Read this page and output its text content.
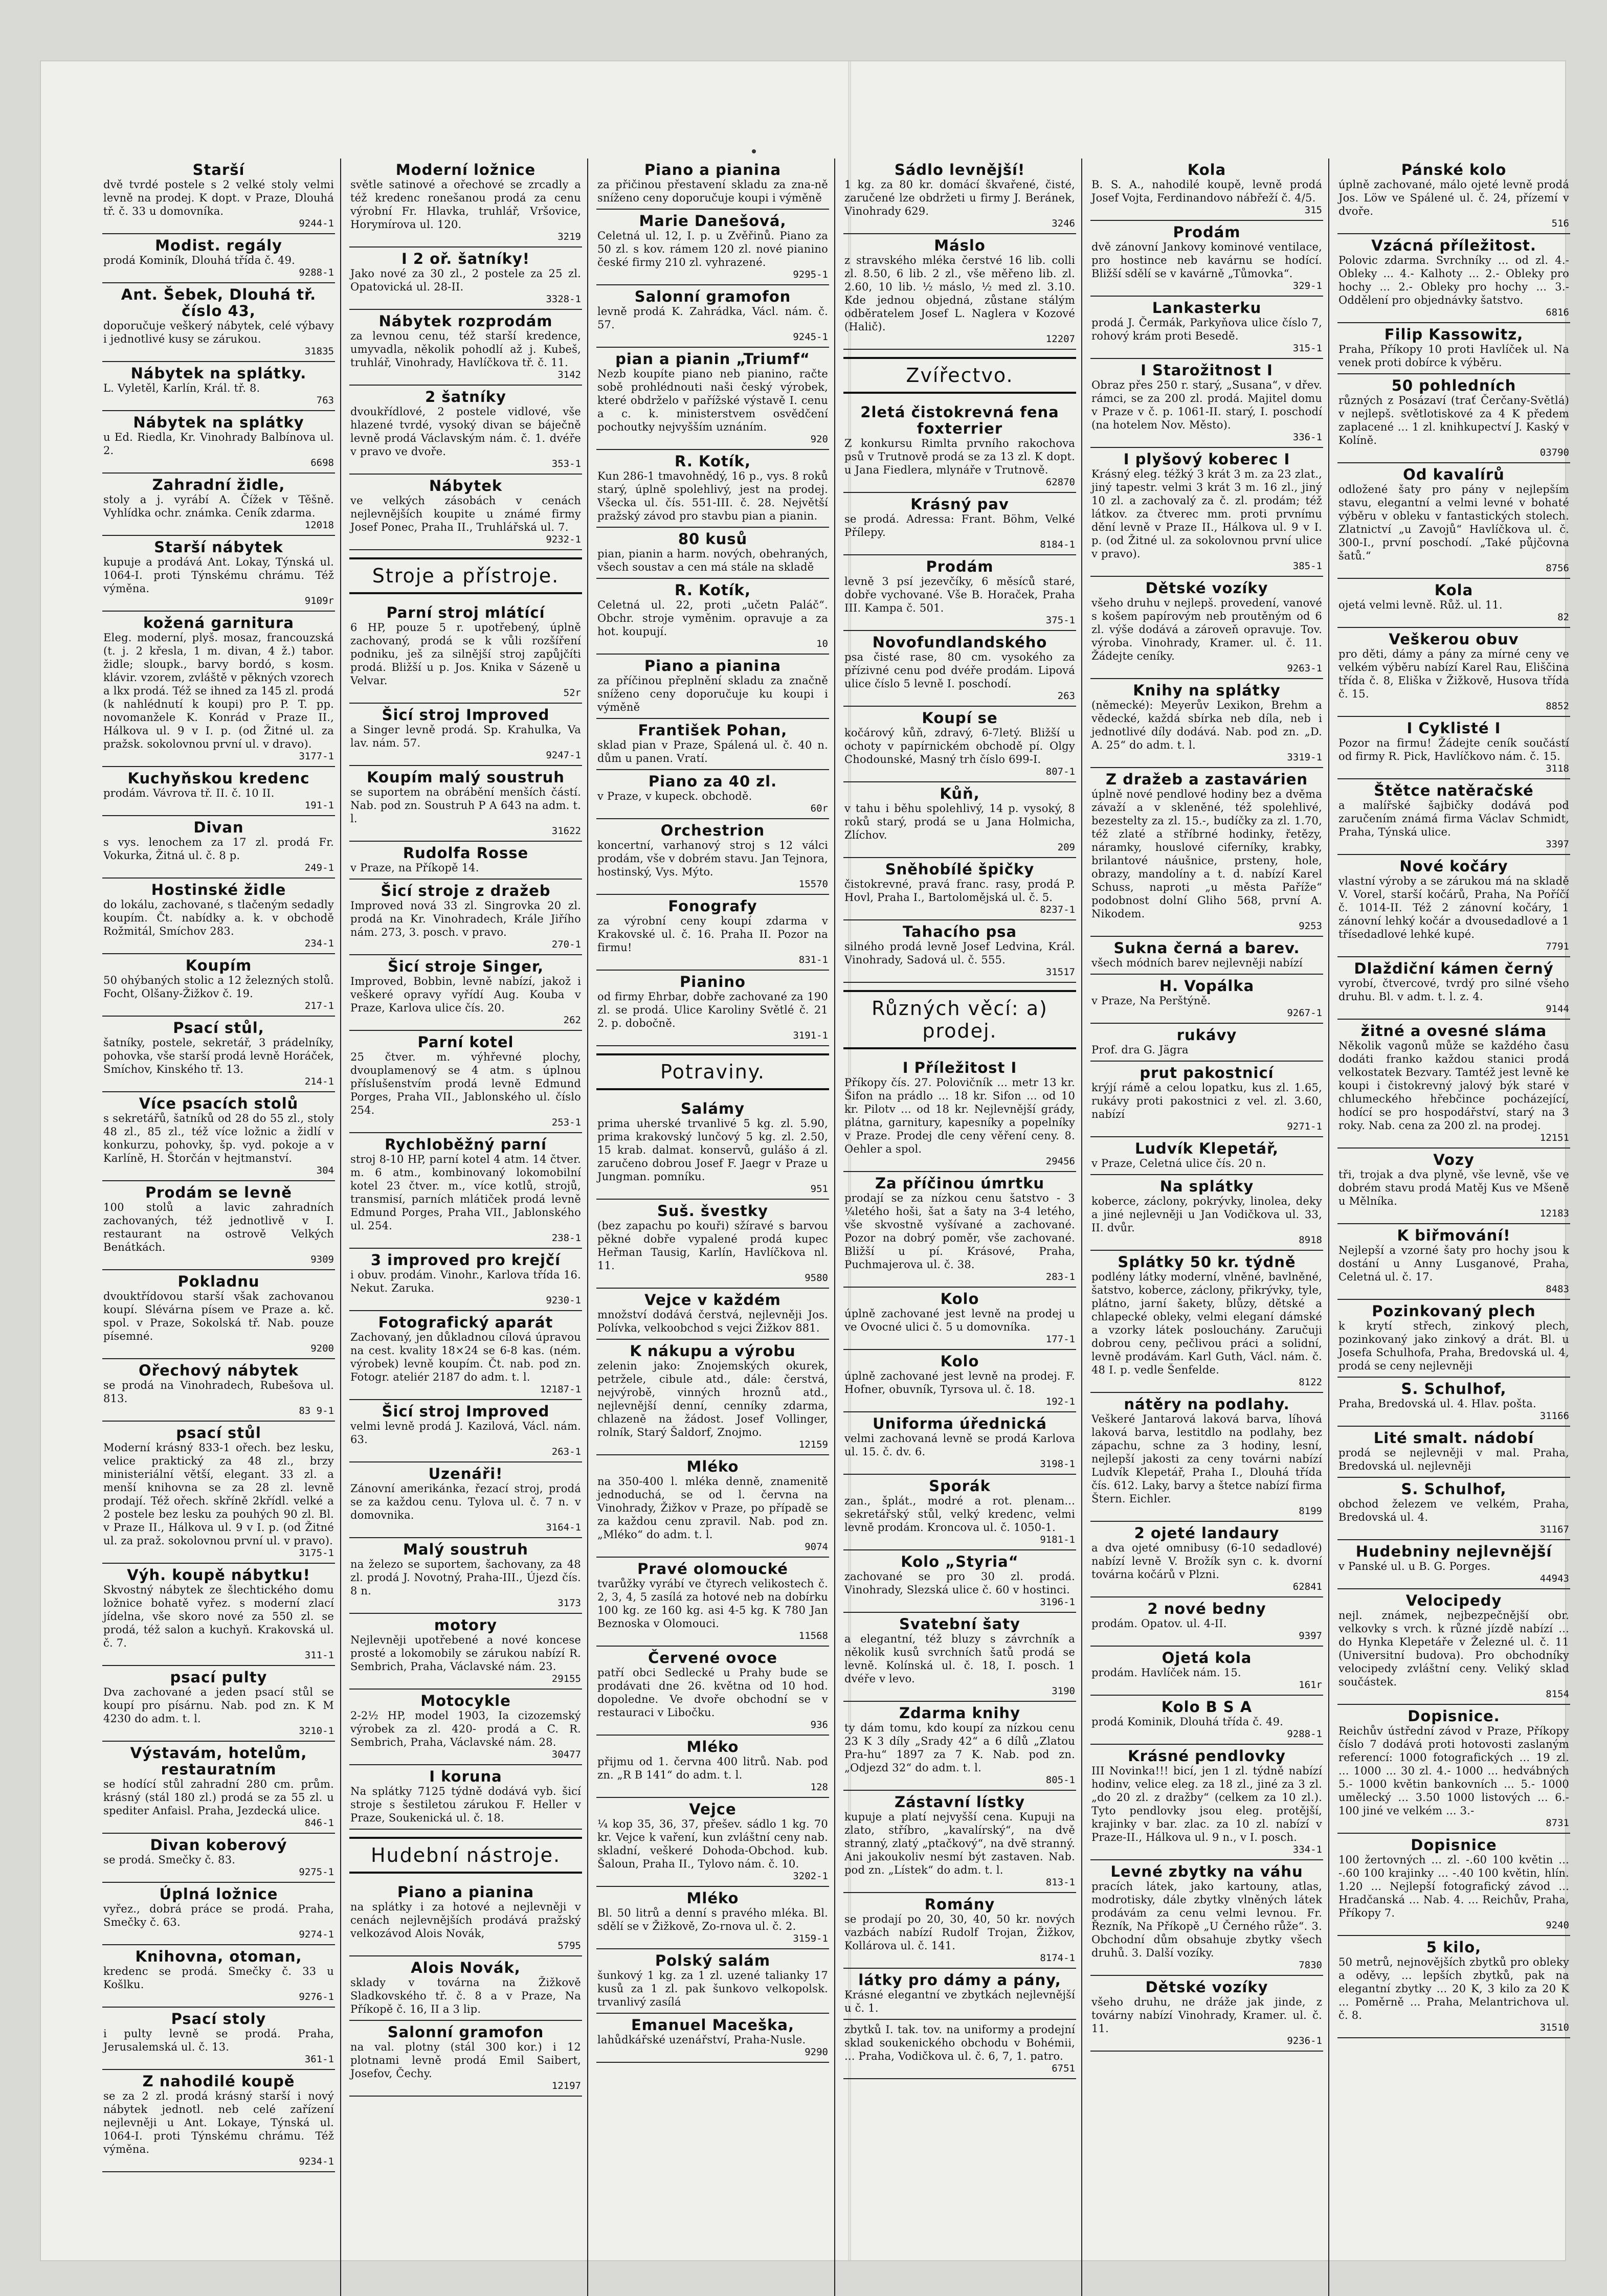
Starší
dvě tvrdé postele s 2 velké stoly velmi levně na prodej. K dopt. v Praze, Dlouhá tř. č. 33 u domovníka.
9244-1
Modist. regály
prodá Kominík, Dlouhá třída č. 49.
9288-1
Ant. Šebek, Dlouhá tř. číslo 43,
doporučuje veškerý nábytek, celé výbavy i jednotlivé kusy se zárukou.
31835
Nábytek na splátky.
L. Vyletěl, Karlín, Král. tř. 8.
763
Nábytek na splátky
u Ed. Riedla, Kr. Vinohrady Balbínova ul. 2.
6698
Zahradní židle,
stoly a j. vyrábí A. Čížek v Těšně. Vyhlídka ochr. známka. Ceník zdarma.
12018
Starší nábytek
kupuje a prodává Ant. Lokay, Týnská ul. 1064-I. proti Týnskému chrámu. Též výměna.
9109r
kožená garnitura
Eleg. moderní, plyš. mosaz, francouzská (t. j. 2 křesla, 1 m. divan, 4 ž.) tabor. židle; sloupk., barvy bordó, s kosm. klávir. vzorem, zvláště v pěkných vzorech a lkx prodá. Též se ihned za 145 zl. prodá (k nahlédnutí k koupi) pro P. T. pp. novomanžele K. Konrád v Praze II., Hálkova ul. 9 v I. p. (od Žitné ul. za pražsk. sokolovnou první ul. v dravo).
3177-1
Kuchyňskou kredenc
prodám. Vávrova tř. II. č. 10 II.
191-1
Divan
s vys. lenochem za 17 zl. prodá Fr. Vokurka, Žitná ul. č. 8 p.
249-1
Hostinské židle
do lokálu, zachované, s tlačeným sedadly koupím. Čt. nabídky a. k. v obchodě Rožmitál, Smíchov 283.
234-1
Koupím
50 ohýbaných stolic a 12 železných stolů. Focht, Olšany-Žižkov č. 19.
217-1
Psací stůl,
šatníky, postele, sekretář, 3 prádelníky, pohovka, vše starší prodá levně Horáček, Smíchov, Kinského tř. 13.
214-1
Více psacích stolů
s sekretářů, šatníků od 28 do 55 zl., stoly 48 zl., 85 zl., též více ložnic a židlí v konkurzu, pohovky, šp. vyd. pokoje a v Karlíně, H. Štorčán v hejtmanství.
304
Prodám se levně
100 stolů a lavic zahradních zachovaných, též jednotlivě v I. restaurant na ostrově Velkých Benátkách.
9309
Pokladnu
dvouktřídovou starší však zachovanou koupí. Slévárna písem ve Praze a. kč. spol. v Praze, Sokolská tř. Nab. pouze písemné.
9200
Ořechový nábytek
se prodá na Vinohradech, Rubešova ul. 813.
83 9-1
psací stůl
Moderní krásný 833-1 ořech. bez lesku, velice praktický za 48 zl., brzy ministeriální větší, elegant. 33 zl. a menší knihovna se za 28 zl. levně prodají. Též ořech. skříně 2křídl. velké a 2 postele bez lesku za pouhých 90 zl. Bl. v Praze II., Hálkova ul. 9 v I. p. (od Žitné ul. za praž. sokolovnou první ul. v pravo).
3175-1
Výh. koupě nábytku!
Skvostný nábytek ze šlechtického domu ložnice bohatě vyřez. s moderní zlací jídelna, vše skoro nové za 550 zl. se prodá, též salon a kuchyň. Krakovská ul. č. 7.
311-1
psací pulty
Dva zachované a jeden psací stůl se koupí pro písárnu. Nab. pod zn. K M 4230 do adm. t. l.
3210-1
Výstavám, hotelům, restauratním
se hodící stůl zahradní 280 cm. prům. krásný (stál 180 zl.) prodá se za 55 zl. u spediter Anfaisl. Praha, Jezdecká ulice.
846-1
Divan koberový
se prodá. Smečky č. 83.
9275-1
Úplná ložnice
vyřez., dobrá práce se prodá. Praha, Smečky č. 63.
9274-1
Knihovna, otoman,
kredenc se prodá. Smečky č. 33 u Košlku.
9276-1
Psací stoly
i pulty levně se prodá. Praha, Jerusalemská ul. č. 13.
361-1
Z nahodilé koupě
se za 2 zl. prodá krásný starší i nový nábytek jednotl. neb celé zařízení nejlevněji u Ant. Lokaye, Týnská ul. 1064-I. proti Týnskému chrámu. Též výměna.
9234-1
Moderní ložnice
světle satinové a ořechové se zrcadly a též kredenc ronešanou prodá za cenu výrobní Fr. Hlavka, truhlář, Vršovice, Horymírova ul. 120.
3219
I 2 oř. šatníky!
Jako nové za 30 zl., 2 postele za 25 zl. Opatovická ul. 28-II.
3328-1
Nábytek rozprodám
za levnou cenu, též starší kredence, umyvadla, několik pohodlí až j. Kubeš, truhlář, Vinohrady, Havlíčkova tř. č. 11.
3142
2 šatníky
dvoukřídlové, 2 postele vidlové, vše hlazené tvrdé, vysoký divan se báječně levně prodá Václavským nám. č. 1. dvéře v pravo ve dvoře.
353-1
Nábytek
ve velkých zásobách v cenách nejlevnějších koupite u známé firmy Josef Ponec, Praha II., Truhlářská ul. 7.
9232-1
Stroje a přístroje.
Parní stroj mlátící
6 HP, pouze 5 r. upotřebený, úplně zachovaný, prodá se k vůli rozšíření podniku, ješ za silnější stroj zapůjčíti prodá. Bližší u p. Jos. Knika v Sázeně u Velvar.
52r
Šicí stroj Improved
a Singer levně prodá. Sp. Krahulka, Va lav. nám. 57.
9247-1
Koupím malý soustruh
se suportem na obrábění menších částí. Nab. pod zn. Soustruh P A 643 na adm. t. l.
31622
Rudolfa Rosse
v Praze, na Příkopě 14.
Šicí stroje z dražeb
Improved nová 33 zl. Singrovka 20 zl. prodá na Kr. Vinohradech, Krále Jiřího nám. 273, 3. posch. v pravo.
270-1
Šicí stroje Singer,
Improved, Bobbin, levně nabízí, jakož i veškeré opravy vyřídí Aug. Kouba v Praze, Karlova ulice čís. 20.
262
Parní kotel
25 čtver. m. výhřevné plochy, dvouplamenový se 4 atm. s úplnou příslušenstvím prodá levně Edmund Porges, Praha VII., Jablonského ul. číslo 254.
253-1
Rychloběžný parní
stroj 8-10 HP, parní kotel 4 atm. 14 čtver. m. 6 atm., kombinovaný lokomobilní kotel 23 čtver. m., více kotlů, strojů, transmisí, parních mlátiček prodá levně Edmund Porges, Praha VII., Jablonského ul. 254.
238-1
3 improved pro krejčí
i obuv. prodám. Vinohr., Karlova třída 16. Nekut. Zaruka.
9230-1
Fotografický aparát
Zachovaný, jen důkladnou cílová úpravou na cest. kvality 18×24 se 6-8 kas. (ném. výrobek) levně koupím. Čt. nab. pod zn. Fotogr. ateliér 2187 do adm. t. l.
12187-1
Šicí stroj Improved
velmi levně prodá J. Kazilová, Václ. nám. 63.
263-1
Uzenáři!
Zánovní amerikánka, řezací stroj, prodá se za každou cenu. Tylova ul. č. 7 n. v domovnika.
3164-1
Malý soustruh
na železo se suportem, šachovany, za 48 zl. prodá J. Novotný, Praha-III., Újezd čís. 8 n.
3173
motory
Nejlevněji upotřebené a nové koncese prosté a lokomobily se zárukou nabízí R. Sembrich, Praha, Václavské nám. 23.
29155
Motocykle
2-2½ HP, model 1903, Ia cizozemský výrobek za zl. 420- prodá a C. R. Sembrich, Praha, Václavské nám. 28.
30477
I koruna
Na splátky 7125 týdně dodává vyb. šicí stroje s šestiletou zárukou F. Heller v Praze, Soukenická ul. č. 18.
Hudební nástroje.
Piano a pianina
na splátky i za hotové a nejlevněji v cenách nejlevnějších prodává pražský velkozávod Alois Novák,
5795
Alois Novák,
sklady v továrna na Žižkově Sladkovského tř. č. 8 a v Praze, Na Příkopě č. 16, II a 3 lip.
Salonní gramofon
na val. plotny (stál 300 kor.) i 12 plotnami levně prodá Emil Saibert, Josefov, Čechy.
12197
Piano a pianina
za přičinou přestavení skladu za zna-ně sníženo ceny doporučuje koupi i výměně
Marie Danešová,
Celetná ul. 12, I. p. u Zvěřinů. Piano za 50 zl. s kov. rámem 120 zl. nové pianino české firmy 210 zl. vyhrazené.
9295-1
Salonní gramofon
levně prodá K. Zahrádka, Václ. nám. č. 57.
9245-1
pian a pianin „Triumf“
Nezb koupíte piano neb pianino, račte sobě prohlédnouti naši český výrobek, které obdrželo v pařížské výstavě I. cenu a c. k. ministerstvem osvědčení pochoutky nejvyšším uznáním.
920
R. Kotík,
Kun 286-1 tmavohnědý, 16 p., vys. 8 roků starý, úplně spolehlivý, jest na prodej. Všecka ul. čís. 551-III. č. 28. Největší pražský závod pro stavbu pian a pianin.
80 kusů
pian, pianin a harm. nových, obehraných, všech soustav a cen má stále na skladě
R. Kotík,
Celetná ul. 22, proti „učetn Paláč“. Obchr. stroje vyměnim. opravuje a za hot. koupují.
10
Piano a pianina
za příčinou přeplnění skladu za značně sníženo ceny doporučuje ku koupi i výměně
František Pohan,
sklad pian v Praze, Spálená ul. č. 40 n. dům u panen. Vratí.
Piano za 40 zl.
v Praze, v kupeck. obchodě.
60r
Orchestrion
koncertní, varhanový stroj s 12 válci prodám, vše v dobrém stavu. Jan Tejnora, hostinský, Vys. Mýto.
15570
Fonografy
za výrobní ceny koupí zdarma v Krakovské ul. č. 16. Praha II. Pozor na firmu!
831-1
Pianino
od firmy Ehrbar, dobře zachované za 190 zl. se prodá. Ulice Karoliny Světlé č. 21 2. p. dobočně.
3191-1
Potraviny.
Salámy
prima uherské trvanlivé 5 kg. zl. 5.90, prima krakovský lunčový 5 kg. zl. 2.50, 15 krab. dalmat. konservů, gulášo á zl. zaručeno dobrou Josef F. Jaegr v Praze u Jungman. pomníku.
951
Suš. švestky
(bez zapachu po kouři) sžíravé s barvou pěkné dobře vypalené prodá kupec Heřman Tausig, Karlín, Havlíčkova nl. 11.
9580
Vejce v každém
množství dodává čerstvá, nejlevněji Jos. Polívka, velkoobchod s vejci Žižkov 881.
K nákupu a výrobu
zelenin jako: Znojemských okurek, petržele, cibule atd., dále: čerstvá, nejvýrobě, vinných hroznů atd., nejlevnější denní, cenníky zdarma, chlazeně na žádost. Josef Vollinger, rolník, Starý Šaldorf, Znojmo.
12159
Mléko
na 350-400 l. mléka denně, znamenitě jednoduchá, se od l. června na Vinohrady, Žižkov v Praze, po případě se za každou cenu zpravil. Nab. pod zn. „Mléko“ do adm. t. l.
9074
Pravé olomoucké
tvarůžky vyrábí ve čtyrech velikostech č. 2, 3, 4, 5 zasílá za hotové neb na dobírku 100 kg. ze 160 kg. asi 4-5 kg. K 780 Jan Beznoska v Olomouci.
11568
Červené ovoce
patří obci Sedlecké u Prahy bude se prodávati dne 26. května od 10 hod. dopoledne. Ve dvoře obchodní se v restauraci v Libočku.
936
Mléko
přijmu od 1. června 400 litrů. Nab. pod zn. „R B 141“ do adm. t. l.
128
Vejce
¼ kop 35, 36, 37, přešev. sádlo 1 kg. 70 kr. Vejce k vaření, kun zvláštní ceny nab. skladní, veškeré Dohoda-Obchod. kub. Šaloun, Praha II., Tylovo nám. č. 10.
3202-1
Mléko
Bl. 50 litrů a denní s pravého mléka. Bl. sdělí se v Žižkově, Zo-rnova ul. č. 2.
3159-1
Polský salám
šunkový 1 kg. za 1 zl. uzené talianky 17 kusů za 1 zl. pak šunkovo velkopolsk. trvanlivý zasílá
Emanuel Maceška,
lahůdkářské uzenářství, Praha-Nusle.
9290
Sádlo levnější!
1 kg. za 80 kr. domácí škvařené, čisté, zaručené lze obdržeti u firmy J. Beránek, Vinohrady 629.
3246
Máslo
z stravského mléka čerstvé 16 lib. colli zl. 8.50, 6 lib. 2 zl., vše měřeno lib. zl. 2.60, 10 lib. ½ máslo, ½ med zl. 3.10. Kde jednou objedná, zůstane stálým odběratelem Josef L. Naglera v Kozové (Halič).
12207
Zvířectvo.
2letá čistokrevná fena foxterrier
Z konkursu Rimlta prvního rakochova psů v Trutnově prodá se za 13 zl. K dopt. u Jana Fiedlera, mlynáře v Trutnově.
62870
Krásný pav
se prodá. Adressa: Frant. Böhm, Velké Přílepy.
8184-1
Prodám
levně 3 psí jezevčíky, 6 měsíců staré, dobře vychované. Vše B. Horaček, Praha III. Kampa č. 501.
375-1
Novofundlandského
psa čisté rase, 80 cm. vysokého za přízivné cenu pod dvéře prodám. Lipová ulice číslo 5 levně I. poschodí.
263
Koupí se
kočárový kůň, zdravý, 6-7letý. Bližší u ochoty v papírnickém obchodě pí. Olgy Chodounské, Masný trh číslo 699-I.
807-1
Kůň,
v tahu i běhu spolehlivý, 14 p. vysoký, 8 roků starý, prodá se u Jana Holmicha, Zlíchov.
209
Sněhobílé špičky
čistokrevné, pravá franc. rasy, prodá P. Hovl, Praha I., Bartolomějská ul. č. 5.
8237-1
Tahacího psa
silného prodá levně Josef Ledvina, Král. Vinohrady, Sadová ul. č. 555.
31517
Různých věcí: a) prodej.
I Příležitost I
Příkopy čís. 27. Polovičník ... metr 13 kr. Šifon na prádlo ... 18 kr. Sifon ... od 10 kr. Pilotv ... od 18 kr. Nejlevnější grády, plátna, garnitury, kapesníky a popelníky v Praze. Prodej dle ceny věření ceny. 8. Oehler a spol.
29456
Za příčinou úmrtku
prodají se za nízkou cenu šatstvo - 3 ¼letého hoši, šat a šaty na 3-4 letého, vše skvostně vyšívané a zachované. Pozor na dobrý poměr, vše zachované. Bližší u pí. Krásové, Praha, Puchmajerova ul. č. 38.
283-1
Kolo
úplně zachované jest levně na prodej u ve Ovocné ulici č. 5 u domovníka.
177-1
Kolo
úplně zachované jest levně na prodej. F. Hofner, obuvník, Tyrsova ul. č. 18.
192-1
Uniforma úřednická
velmi zachovaná levně se prodá Karlova ul. 15. č. dv. 6.
3198-1
Sporák
zan., šplát., modré a rot. plenam... sekretářský stůl, velký kredenc, velmi levně prodám. Kroncova ul. č. 1050-1.
9181-1
Kolo „Styria“
zachované se pro 30 zl. prodá. Vinohrady, Slezská ulice č. 60 v hostinci.
3196-1
Svatební šaty
a elegantní, též bluzy s závrchník a několik kusů svrchních šatů prodá se levně. Kolínská ul. č. 18, I. posch. 1 dvéře v levo.
3190
Zdarma knihy
ty dám tomu, kdo koupí za nízkou cenu 23 K 3 díly „Srady 42“ a 6 dílů „Zlatou Pra-hu“ 1897 za 7 K. Nab. pod zn. „Odjezd 32“ do adm. t. l.
805-1
Zástavní lístky
kupuje a platí nejvyšší cena. Kupuji na zlato, stříbro, „kavalírský“, na dvě stranný, zlatý „ptačkový“, na dvě stranný. Ani jakoukoliv nesmí být zastaven. Nab. pod zn. „Lístek“ do adm. t. l.
813-1
Romány
se prodají po 20, 30, 40, 50 kr. nových vazbách nabízí Rudolf Trojan, Žižkov, Kollárova ul. č. 141.
8174-1
látky pro dámy a pány,
Krásné elegantní ve zbytkách nejlevnější u č. 1.
zbytků I. tak. tov. na uniformy a prodejní sklad soukenického obchodu v Bohémii, ... Praha, Vodičkova ul. č. 6, 7, 1. patro.
6751
Kola
B. S. A., nahodilé koupě, levně prodá Josef Vojta, Ferdinandovo nábřeží č. 4/5.
315
Prodám
dvě zánovní Jankovy kominové ventilace, pro hostince neb kavárnu se hodící. Bližší sdělí se v kavárně „Tůmovka“.
329-1
Lankasterku
prodá J. Čermák, Parkyňova ulice číslo 7, rohový krám proti Besedě.
315-1
I Starožitnost I
Obraz přes 250 r. starý, „Susana“, v dřev. rámci, se za 200 zl. prodá. Majitel domu v Praze v č. p. 1061-II. starý, I. poschodí (na hotelem Nov. Město).
336-1
I plyšový koberec I
Krásný eleg. téžký 3 krát 3 m. za 23 zlat., jiný tapestr. velmi 3 krát 3 m. 16 zl., jiný 10 zl. a zachovalý za č. zl. prodám; též látkov. za čtverec mm. proti prvnímu dění levně v Praze II., Hálkova ul. 9 v I. p. (od Žitné ul. za sokolovnou první ulice v pravo).
385-1
Dětské vozíky
všeho druhu v nejlepš. provedení, vanové s košem papírovým neb proutěným od 6 zl. výše dodává a zároveň opravuje. Tov. výroba. Vinohrady, Kramer. ul. č. 11. Žádejte ceníky.
9263-1
Knihy na splátky
(německé): Meyerův Lexikon, Brehm a vědecké, každá sbírka neb díla, neb i jednotlivé díly dodává. Nab. pod zn. „D. A. 25“ do adm. t. l.
3319-1
Z dražeb a zastavárien
úplně nové pendlové hodiny bez a dvěma závaží a v skleněné, též spolehlivé, bezestelty za zl. 15.-, budíčky za zl. 1.70, též zlaté a stříbrné hodinky, řetězy, náramky, houslové ciferníky, krabky, brilantové náušnice, prsteny, hole, obrazy, mandolíny a t. d. nabízí Karel Schuss, naproti „u města Paříže“ podobnost dolní Gliho 568, první A. Nikodem.
9253
Sukna černá a barev.
všech módních barev nejlevněji nabízí
H. Vopálka
v Praze, Na Perštýně.
9267-1
rukávy
Prof. dra G. Jägra
prut pakostnicí
krýjí rámě a celou lopatku, kus zl. 1.65, rukávy proti pakostnici z vel. zl. 3.60, nabízí
9271-1
Ludvík Klepetář,
v Praze, Celetná ulice čís. 20 n.
Na splátky
koberce, záclony, pokrývky, linolea, deky a jiné nejlevněji u Jan Vodičkova ul. 33, II. dvůr.
8918
Splátky 50 kr. týdně
podlény látky moderní, vlněné, bavlněné, šatstvo, koberce, záclony, přikrývky, tyle, plátno, jarní šakety, blůzy, dětské a chlapecké obleky, velmi eleganí dámské a vzorky látek poslouchány. Zaručuji dobrou ceny, pečlivou práci a solidní, levně prodávám. Karl Guth, Václ. nám. č. 48 I. p. vedle Šenfelde.
8122
nátěry na podlahy.
Veškeré Jantarová laková barva, líhová laková barva, lestitdlo na podlahy, bez zápachu, schne za 3 hodiny, lesní, nejlepší jakosti za ceny továrni nabízí Ludvík Klepetář, Praha I., Dlouhá třída čís. 612. Laky, barvy a štetce nabízí firma Štern. Eichler.
8199
2 ojeté landaury
a dva ojeté omnibusy (6-10 sedadlové) nabízí levně V. Brožík syn c. k. dvorní továrna kočárů v Plzni.
62841
2 nové bedny
prodám. Opatov. ul. 4-II.
9397
Ojetá kola
prodám. Havlíček nám. 15.
161r
Kolo B S A
prodá Kominik, Dlouhá třída č. 49.
9288-1
Krásné pendlovky
III Novinka!!! bicí, jen 1 zl. týdně nabízí hodinv, velice eleg. za 18 zl., jiné za 3 zl. „do 20 zl. z dražby“ (celkem za 10 zl.). Tyto pendlovky jsou eleg. protější, krajinky v bar. zlac. za 10 zl. nabízí v Praze-II., Hálkova ul. 9 n., v I. posch.
334-1
Levné zbytky na váhu
pracích látek, jako kartouny, atlas, modrotisky, dále zbytky vlněných látek prodávám za cenu velmi levnou. Fr. Řezník, Na Příkopě „U Černého růže“. 3. Obchodní dům obsahuje zbytky všech druhů. 3. Další vozíky.
7830
Dětské vozíky
všeho druhu, ne dráže jak jinde, z továrny nabízí Vinohrady, Kramer. ul. č. 11.
9236-1
Pánské kolo
úplně zachované, málo ojeté levně prodá Jos. Löw ve Spálené ul. č. 24, přízemí v dvoře.
516
Vzácná příležitost.
Polovic zdarma. Svrchníky ... od zl. 4.- Obleky ... 4.- Kalhoty ... 2.- Obleky pro hochy ... 2.- Obleky pro hochy ... 3.- Oddělení pro objednávky šatstvo.
6816
Filip Kassowitz,
Praha, Příkopy 10 proti Havlíček ul. Na venek proti dobírce k výběru.
50 pohledních
různých z Posázaví (trať Čerčany-Světlá) v nejlepš. světlotiskové za 4 K předem zaplacené ... 1 zl. knihkupectví J. Kaský v Kolíně.
03790
Od kavalírů
odložené šaty pro pány v nejlepším stavu, elegantní a velmi levné v bohaté výběru v obleku v fantastických stolech. Zlatnictví „u Zavojů“ Havlíčkova ul. č. 300-I., první poschodí. „Také půjčovna šatů.“
8756
Kola
ojetá velmi levně. Růž. ul. 11.
82
Veškerou obuv
pro děti, dámy a pány za mírné ceny ve velkém výběru nabízí Karel Rau, Eliščina třída č. 8, Eliška v Žižkově, Husova třída č. 15.
8852
I Cyklisté I
Pozor na firmu! Žádejte ceník součástí od firmy R. Pick, Havlíčkovo nám. č. 15.
3118
Štětce natěračské
a malířské šajbičky dodává pod zaručením známá firma Václav Schmidt, Praha, Týnská ulice.
3397
Nové kočáry
vlastní výroby a se zárukou má na skladě V. Vorel, starší kočárů, Praha, Na Poříčí č. 1014-II. Též 2 zánovní kočáry, 1 zánovní lehký kočár a dvousedadlové a 1 třísedadlové lehké kupé.
7791
Dlaždiční kámen černý
vyrobí, čtvercové, tvrdý pro silné všeho druhu. Bl. v adm. t. l. z. 4.
9144
žitné a ovesné sláma
Několik vagonů může se každého času dodáti franko každou stanici prodá velkostatek Bezvary. Tamtéž jest levně ke koupi i čistokrevný jalový býk staré v chlumeckého hřebčince pocházející, hodící se pro hospodářství, starý na 3 roky. Nab. cena za 200 zl. na prodej.
12151
Vozy
tři, trojak a dva plyně, vše levně, vše ve dobrém stavu prodá Matěj Kus ve Mšeně u Mělníka.
12183
K biřmování!
Nejlepší a vzorné šaty pro hochy jsou k dostání u Anny Lusganové, Praha, Celetná ul. č. 17.
8483
Pozinkovaný plech
k krytí střech, zinkový plech, pozinkovaný jako zinkový a drát. Bl. u Josefa Schulhofa, Praha, Bredovská ul. 4, prodá se ceny nejlevněji
S. Schulhof,
Praha, Bredovská ul. 4. Hlav. pošta.
31166
Lité smalt. nádobí
prodá se nejlevněji v mal. Praha, Bredovská ul. nejlevněji
S. Schulhof,
obchod železem ve velkém, Praha, Bredovská ul. 4.
31167
Hudebniny nejlevnější
v Panské ul. u B. G. Porges.
44943
Velocipedy
nejl. známek, nejbezpečnější obr. velkovky s vrch. k různé jízdě nabízí ... do Hynka Klepetáře v Železné ul. č. 11 (Universitní budova). Pro obchodníky velocipedy zvláštní ceny. Veliký sklad součástek.
8154
Dopisnice.
Reichův ústřední závod v Praze, Příkopy číslo 7 dodává proti hotovosti zaslaným referencí: 1000 fotografických ... 19 zl. ... 1000 ... 30 zl. 4.- 1000 ... hedvábných 5.- 1000 květin bankovních ... 5.- 1000 umělecký ... 3.50 1000 listových ... 6.- 100 jiné ve velkém ... 3.-
8731
Dopisnice
100 žertovných ... zl. -.60 100 květin ... -.60 100 krajinky ... -.40 100 květin, hlín. 1.20 ... Nejlepší fotografický závod ... Hradčanská ... Nab. 4. ... Reichův, Praha, Příkopy 7.
9240
5 kilo,
50 metrů, nejnovějších zbytků pro obleky a oděvy, ... lepších zbytků, pak na elegantní zbytky ... 20 K, 3 kilo za 20 K ... Poměrně ... Praha, Melantrichova ul. č. 8.
31510
